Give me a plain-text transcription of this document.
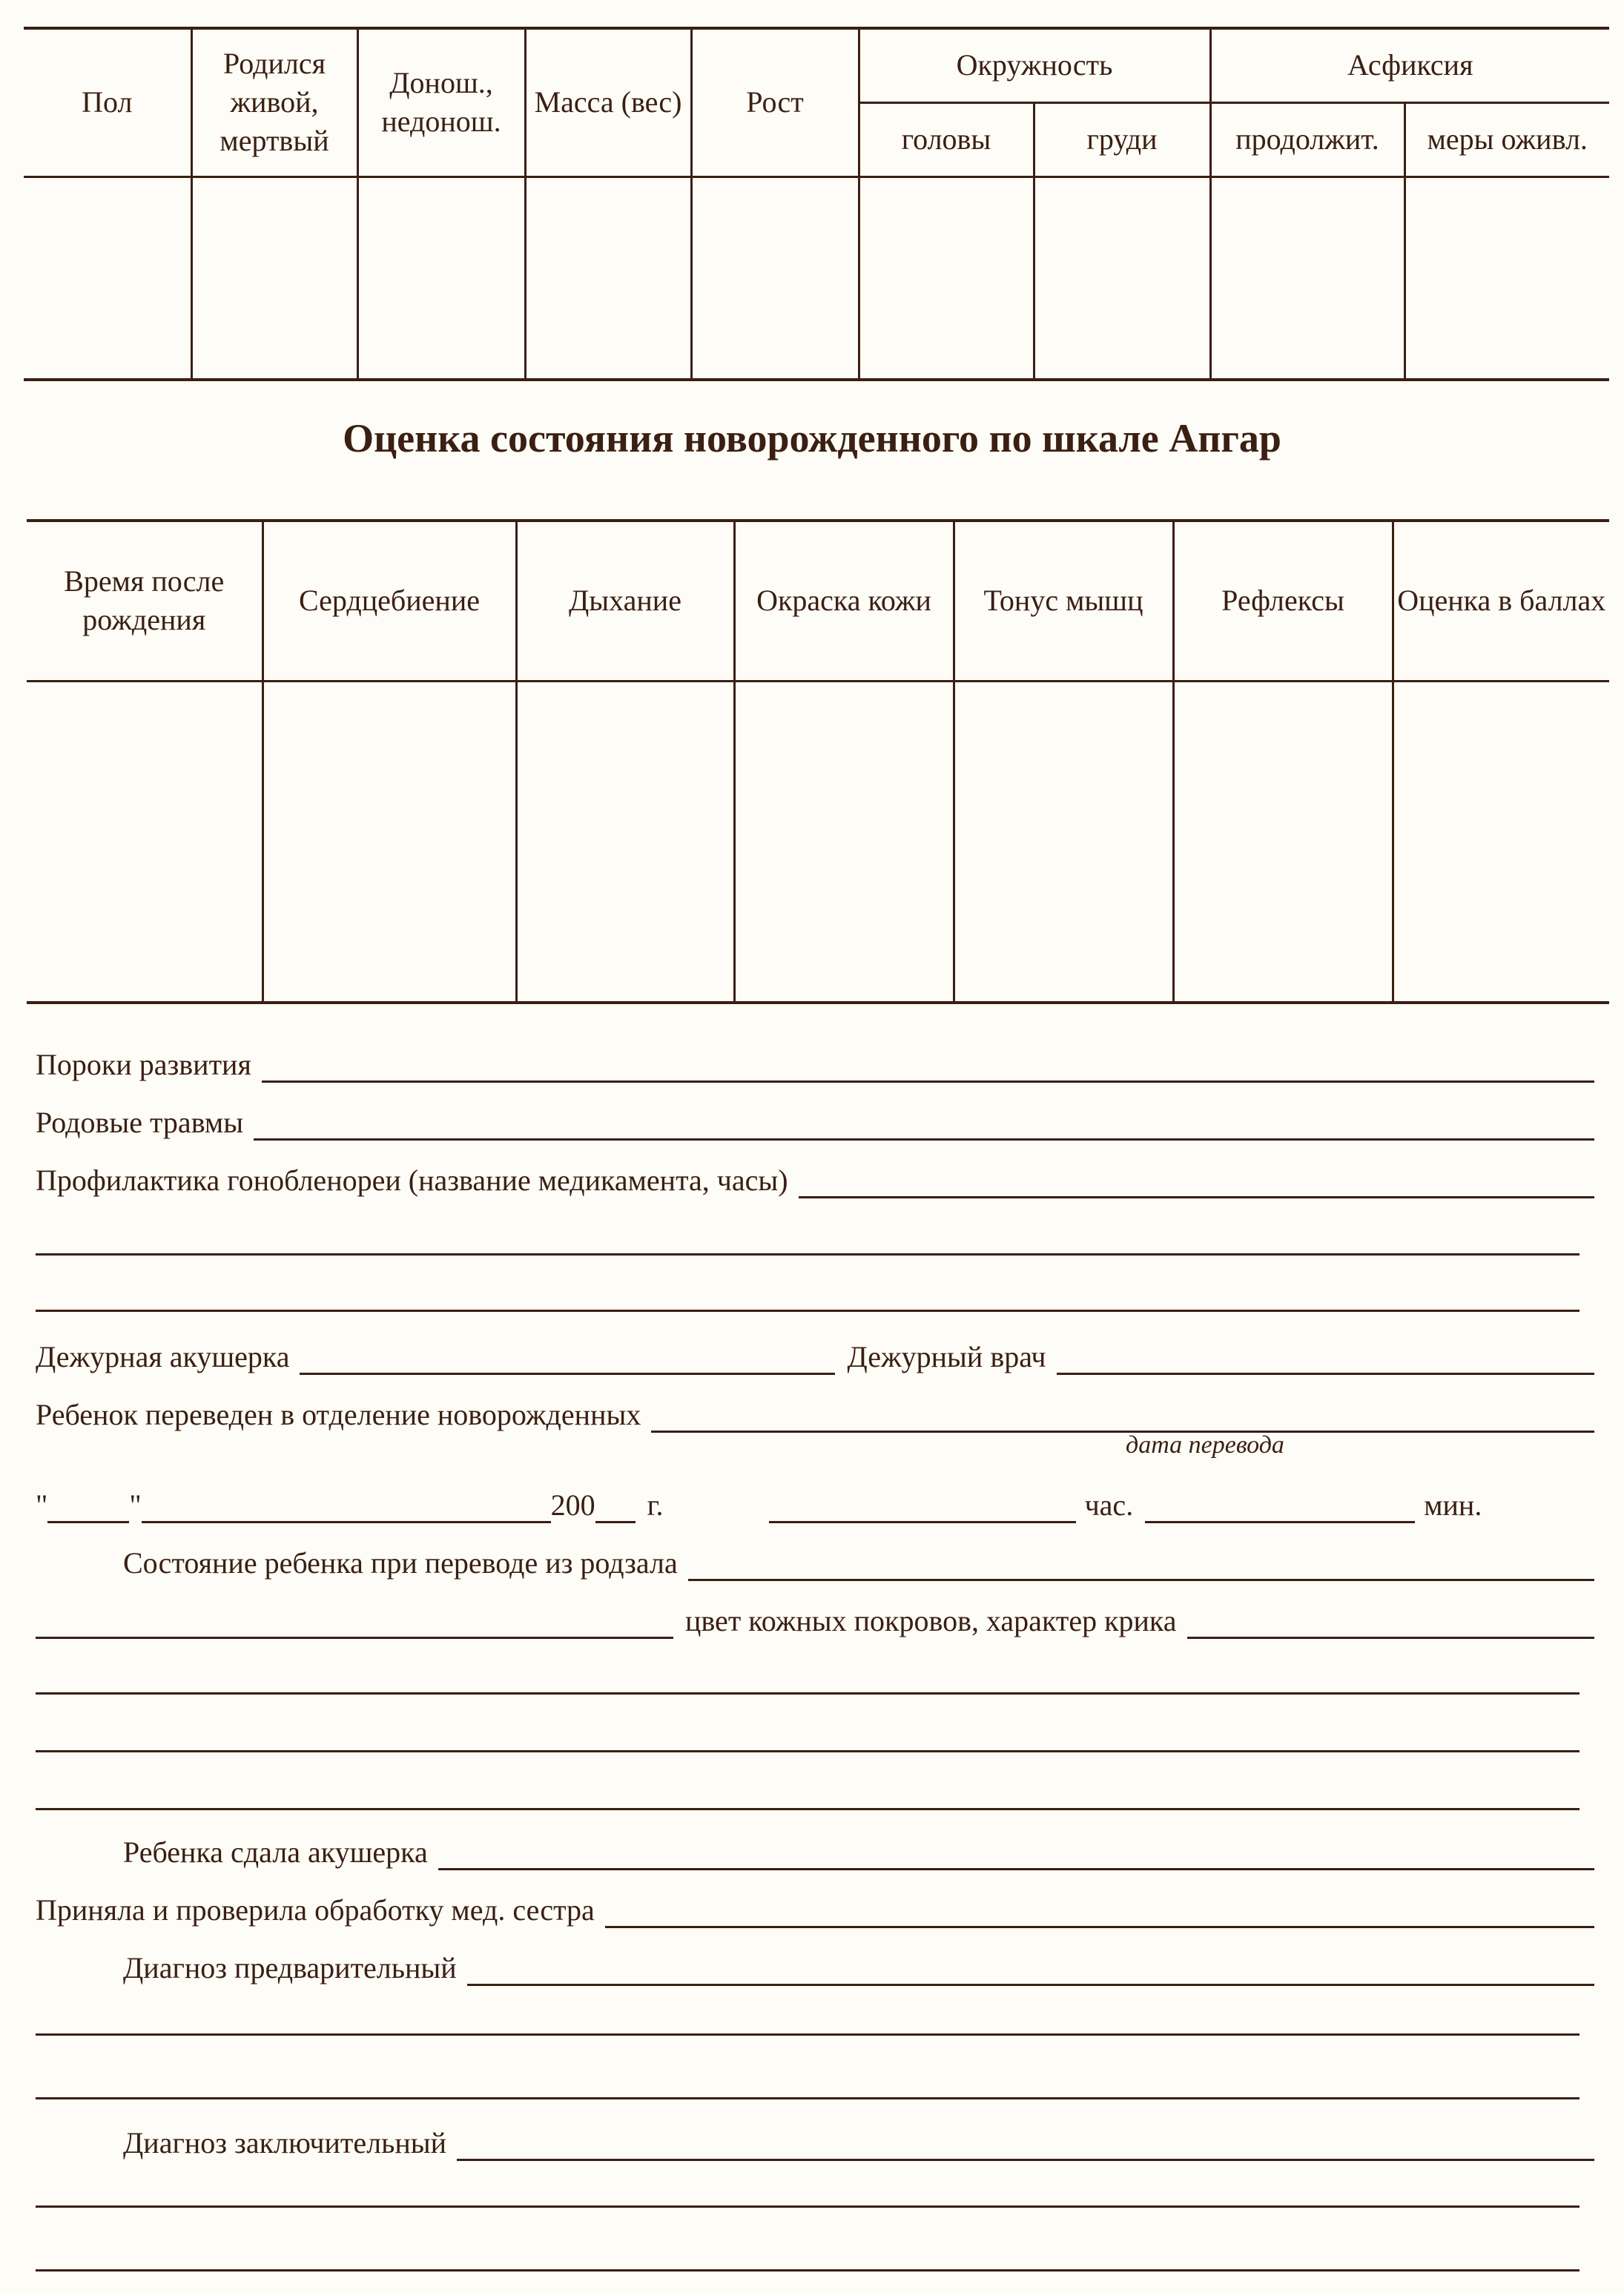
Пол	Родился живой, мертвый	Донош., недонош.	Масса (вес)	Рост	Окружность		Асфиксия	
					головы	груди	продолжит.	меры оживл.

Оценка состояния новорожденного по шкале Апгар
Время после рождения	Сердцебиение	Дыхание	Окраска кожи	Тонус мышц	Рефлексы	Оценка в баллах

Пороки развития
Родовые травмы
Профилактика гонобленореи (название медикамента, часы)
Дежурная акушерка	Дежурный врач
Ребенок переведен в отделение новорожденных
дата перевода
"	"	200 г.	час.	мин.
Состояние ребенка при переводе из родзала
цвет кожных покровов, характер крика
Ребенка сдала акушерка
Приняла и проверила обработку мед. сестра
Диагноз предварительный
Диагноз заключительный
